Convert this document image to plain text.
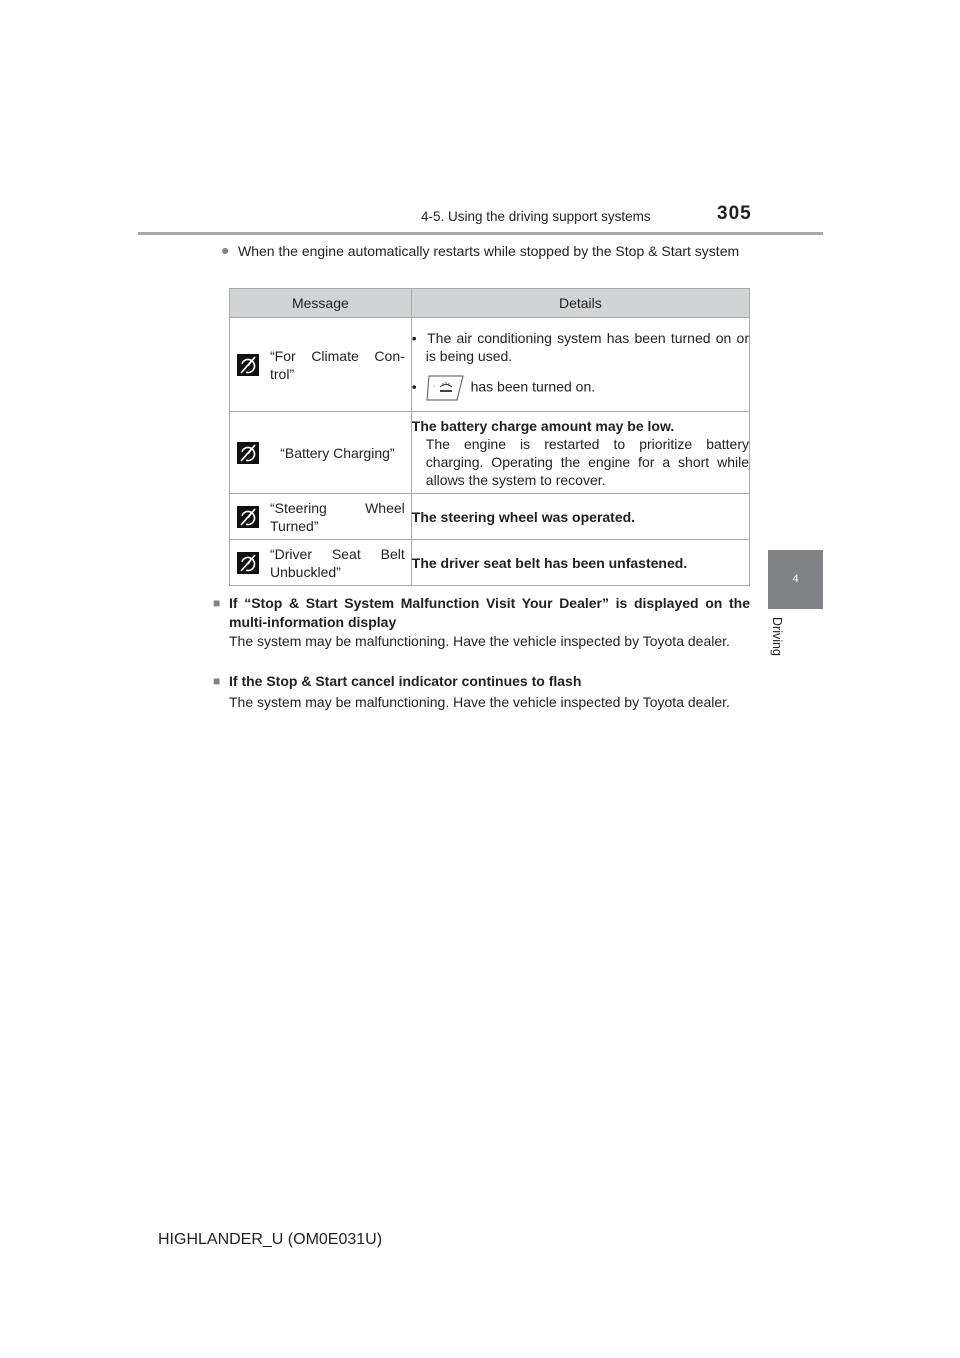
4-5. Using the driving support systems	305
4
Driving
● When the engine automatically restarts while stopped by the Stop & Start system
Message	Details

“For Climate Con-trol”	•  The air conditioning system has been turned on or is being used.

• ◦ has been turned on.

“Battery Charging”	The battery charge amount may be low.

The engine is restarted to prioritize battery charging. Operating the engine for a short while allows the system to recover.

“Steering Wheel Turned”	The steering wheel was operated.

“Driver Seat Belt Unbuckled”	The driver seat belt has been unfastened.

■ If “Stop & Start System Malfunction Visit Your Dealer” is displayed on the multi-information display
The system may be malfunctioning. Have the vehicle inspected by Toyota dealer.
■ If the Stop & Start cancel indicator continues to flash
The system may be malfunctioning. Have the vehicle inspected by Toyota dealer.
HIGHLANDER_U (OM0E031U)
